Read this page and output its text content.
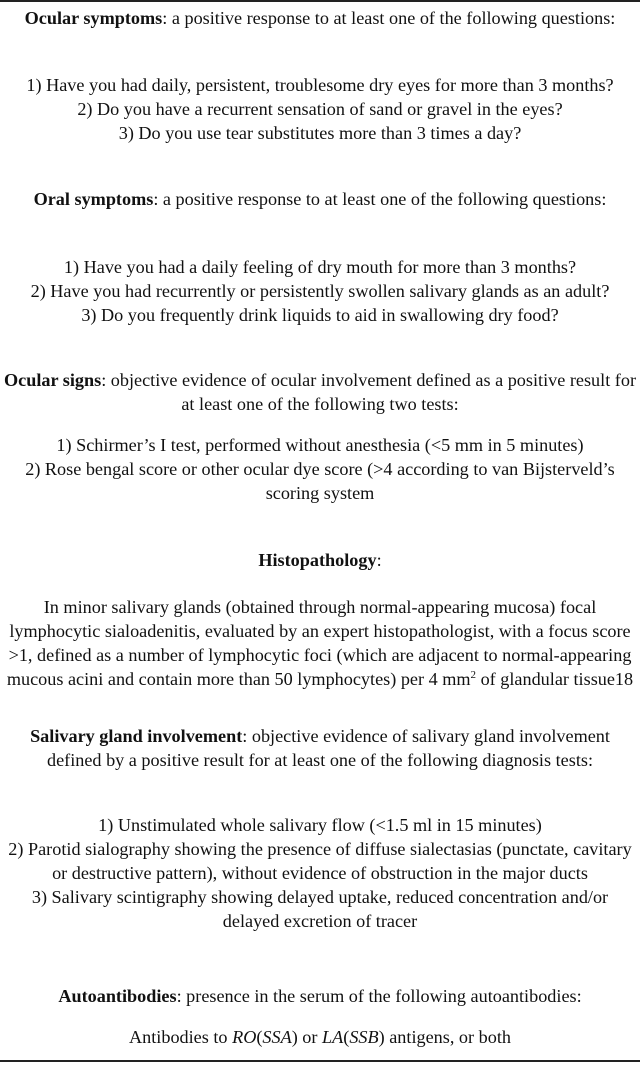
Ocular symptoms: a positive response to at least one of the following questions:

1) Have you had daily, persistent, troublesome dry eyes for more than 3 months?
2) Do you have a recurrent sensation of sand or gravel in the eyes?
3) Do you use tear substitutes more than 3 times a day?

Oral symptoms: a positive response to at least one of the following questions:

1) Have you had a daily feeling of dry mouth for more than 3 months?
2) Have you had recurrently or persistently swollen salivary glands as an adult?
3) Do you frequently drink liquids to aid in swallowing dry food?

Ocular signs: objective evidence of ocular involvement defined as a positive result for at least one of the following two tests:

1) Schirmer’s I test, performed without anesthesia (<5 mm in 5 minutes)
2) Rose bengal score or other ocular dye score (>4 according to van Bijsterveld’s scoring system

Histopathology:

In minor salivary glands (obtained through normal-appearing mucosa) focal lymphocytic sialoadenitis, evaluated by an expert histopathologist, with a focus score >1, defined as a number of lymphocytic foci (which are adjacent to normal-appearing mucous acini and contain more than 50 lymphocytes) per 4 $mm^2$ of glandular tissue18

Salivary gland involvement: objective evidence of salivary gland involvement defined by a positive result for at least one of the following diagnosis tests:

1) Unstimulated whole salivary flow (<1.5 ml in 15 minutes)
2) Parotid sialography showing the presence of diffuse sialectasias (punctate, cavitary or destructive pattern), without evidence of obstruction in the major ducts
3) Salivary scintigraphy showing delayed uptake, reduced concentration and/or delayed excretion of tracer

Autoantibodies: presence in the serum of the following autoantibodies:

Antibodies to RO(SSA) or LA(SSB) antigens, or both
